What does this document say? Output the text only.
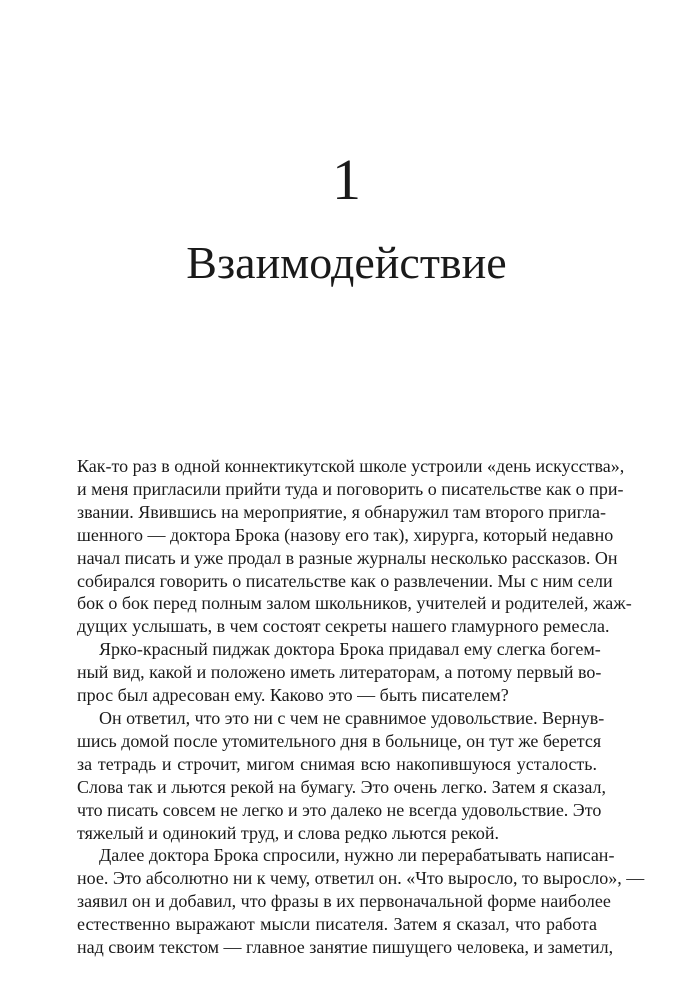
1
Взаимодействие
Как-то раз в одной коннектикутской школе устроили «день искусства»,
и меня пригласили прийти туда и поговорить о писательстве как о при-
звании. Явившись на мероприятие, я обнаружил там второго пригла-
шенного — доктора Брока (назову его так), хирурга, который недавно
начал писать и уже продал в разные журналы несколько рассказов. Он
собирался говорить о писательстве как о развлечении. Мы с ним сели
бок о бок перед полным залом школьников, учителей и родителей, жаж-
дущих услышать, в чем состоят секреты нашего гламурного ремесла.
Ярко-красный пиджак доктора Брока придавал ему слегка богем-
ный вид, какой и положено иметь литераторам, а потому первый во-
прос был адресован ему. Каково это — быть писателем?
Он ответил, что это ни с чем не сравнимое удовольствие. Вернув-
шись домой после утомительного дня в больнице, он тут же берется
за тетрадь и строчит, мигом снимая всю накопившуюся усталость.
Слова так и льются рекой на бумагу. Это очень легко. Затем я сказал,
что писать совсем не легко и это далеко не всегда удовольствие. Это
тяжелый и одинокий труд, и слова редко льются рекой.
Далее доктора Брока спросили, нужно ли перерабатывать написан-
ное. Это абсолютно ни к чему, ответил он. «Что выросло, то выросло», —
заявил он и добавил, что фразы в их первоначальной форме наиболее
естественно выражают мысли писателя. Затем я сказал, что работа
над своим текстом — главное занятие пишущего человека, и заметил,
